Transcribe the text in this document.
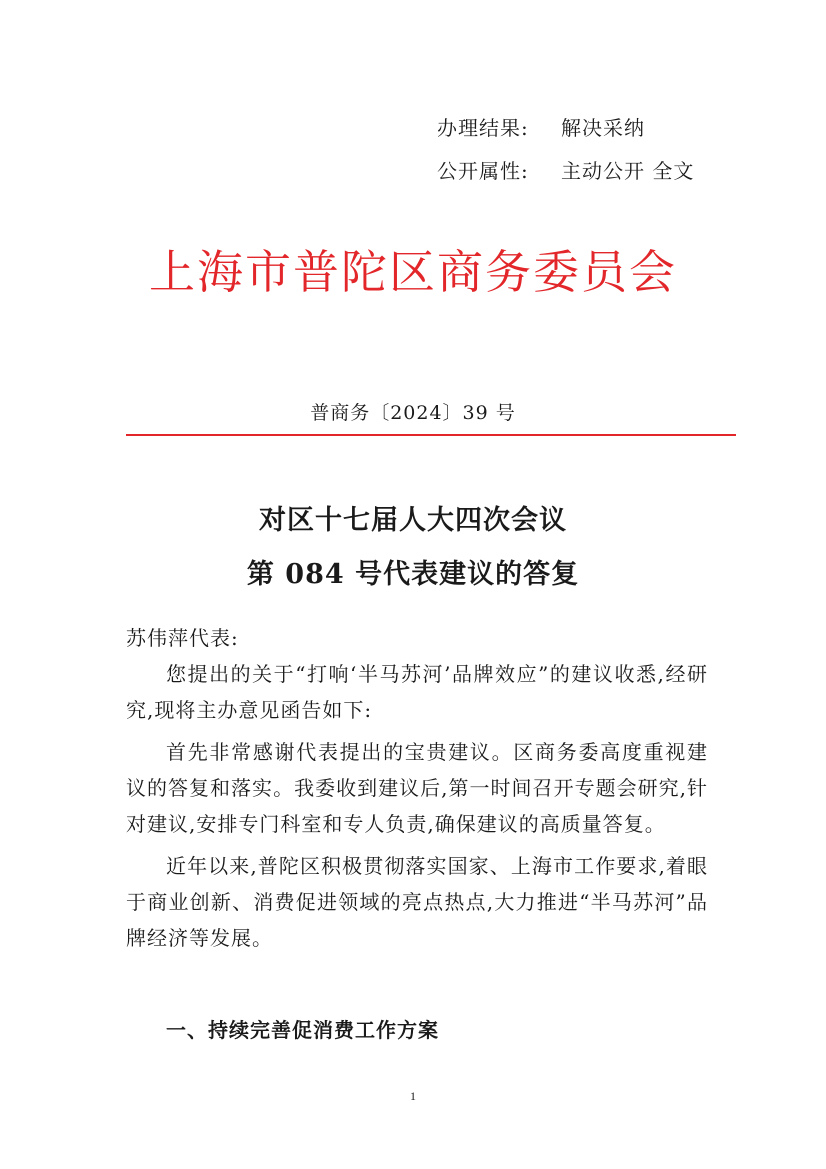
办理结果: 解决采纳
公开属性: 主动公开 全文
上海市普陀区商务委员会
普商务〔2024〕39 号
对区十七届人大四次会议
第 084 号代表建议的答复

苏伟萍代表:

您提出的关于“打响‘半马苏河’品牌效应”的建议收悉,经研究,现将主办意见函告如下:

首先非常感谢代表提出的宝贵建议。区商务委高度重视建议的答复和落实。我委收到建议后,第一时间召开专题会研究,针对建议,安排专门科室和专人负责,确保建议的高质量答复。

近年以来,普陀区积极贯彻落实国家、上海市工作要求,着眼于商业创新、消费促进领域的亮点热点,大力推进“半马苏河”品牌经济等发展。

一、持续完善促消费工作方案
1
